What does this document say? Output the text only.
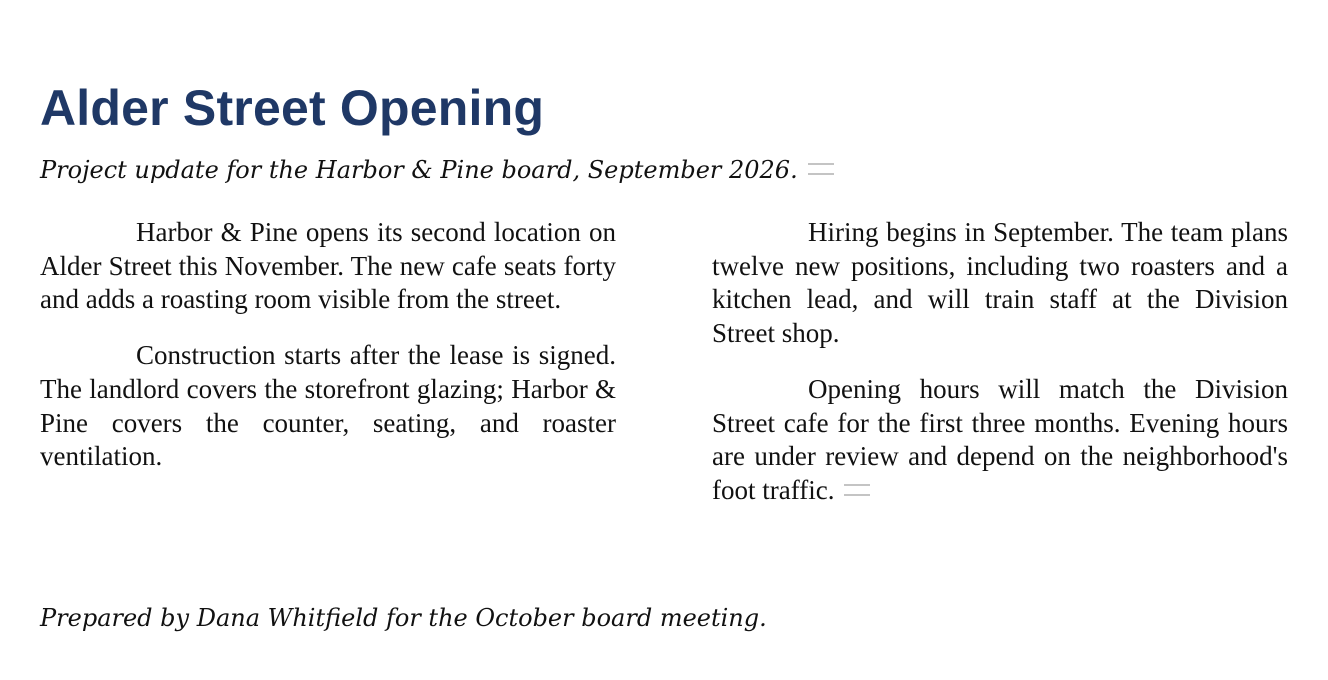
Alder Street Opening

Project update for the Harbor & Pine board, September 2026.

Harbor & Pine opens its second location on Alder Street this November. The new cafe seats forty and adds a roasting room visible from the street.

Construction starts after the lease is signed. The landlord covers the storefront glazing; Harbor & Pine covers the counter, seating, and roaster ventilation.

Hiring begins in September. The team plans twelve new positions, including two roasters and a kitchen lead, and will train staff at the Division Street shop.

Opening hours will match the Division Street cafe for the first three months. Evening hours are under review and depend on the neighborhood's foot traffic.

Prepared by Dana Whitfield for the October board meeting.
